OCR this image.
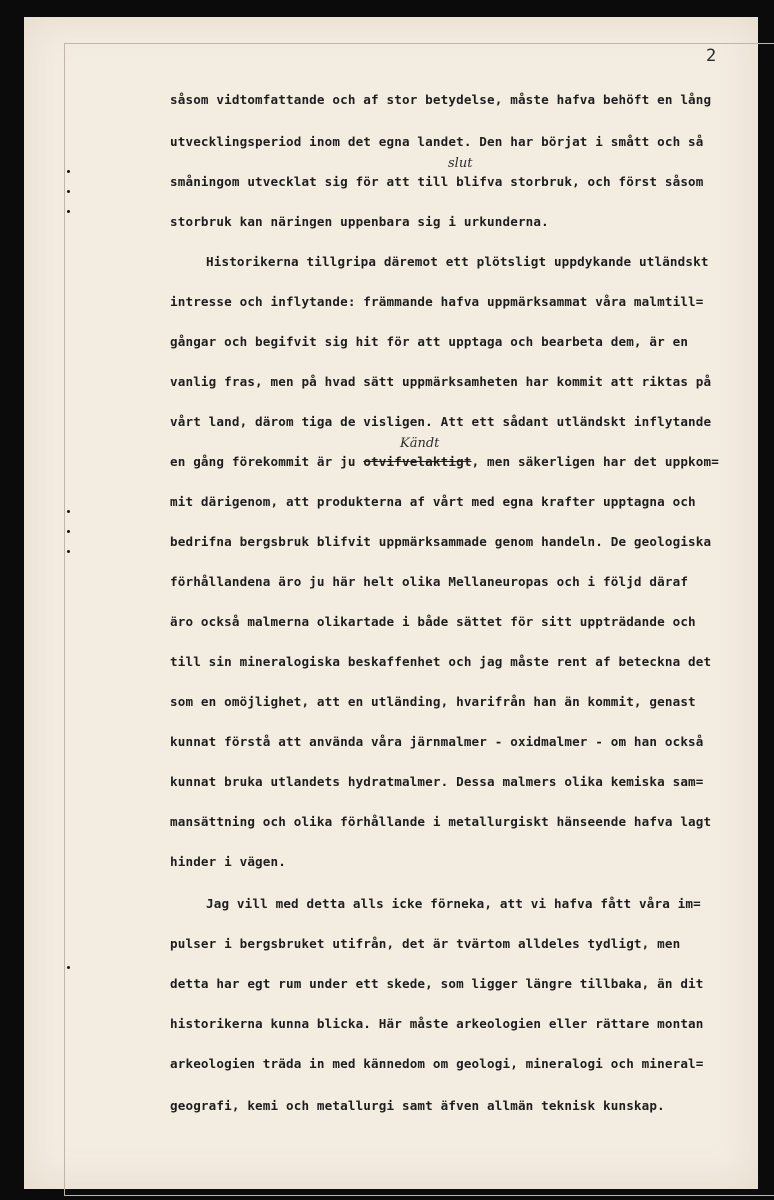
2
såsom vidtomfattande och af stor betydelse, måste hafva behöft en lång
utvecklingsperiod inom det egna landet. Den har börjat i smått och så
småningom utvecklat sig för att till blifva storbruk, och först såsom
storbruk kan näringen uppenbara sig i urkunderna.
Historikerna tillgripa däremot ett plötsligt uppdykande utländskt
intresse och inflytande: främmande hafva uppmärksammat våra malmtill=
gångar och begifvit sig hit för att upptaga och bearbeta dem, är en
vanlig fras, men på hvad sätt uppmärksamheten har kommit att riktas på
vårt land, därom tiga de visligen. Att ett sådant utländskt inflytande
en gång förekommit är ju otvifvelaktigt, men säkerligen har det uppkom=
mit därigenom, att produkterna af vårt med egna krafter upptagna och
bedrifna bergsbruk blifvit uppmärksammade genom handeln. De geologiska
förhållandena äro ju här helt olika Mellaneuropas och i följd däraf
äro också malmerna olikartade i både sättet för sitt uppträdande och
till sin mineralogiska beskaffenhet och jag måste rent af beteckna det
som en omöjlighet, att en utländing, hvarifrån han än kommit, genast
kunnat förstå att använda våra järnmalmer - oxidmalmer - om han också
kunnat bruka utlandets hydratmalmer. Dessa malmers olika kemiska sam=
mansättning och olika förhållande i metallurgiskt hänseende hafva lagt
hinder i vägen.
Jag vill med detta alls icke förneka, att vi hafva fått våra im=
pulser i bergsbruket utifrån, det är tvärtom alldeles tydligt, men
detta har egt rum under ett skede, som ligger längre tillbaka, än dit
historikerna kunna blicka. Här måste arkeologien eller rättare montan
arkeologien träda in med kännedom om geologi, mineralogi och mineral=
geografi, kemi och metallurgi samt äfven allmän teknisk kunskap.
slut
Kändt
